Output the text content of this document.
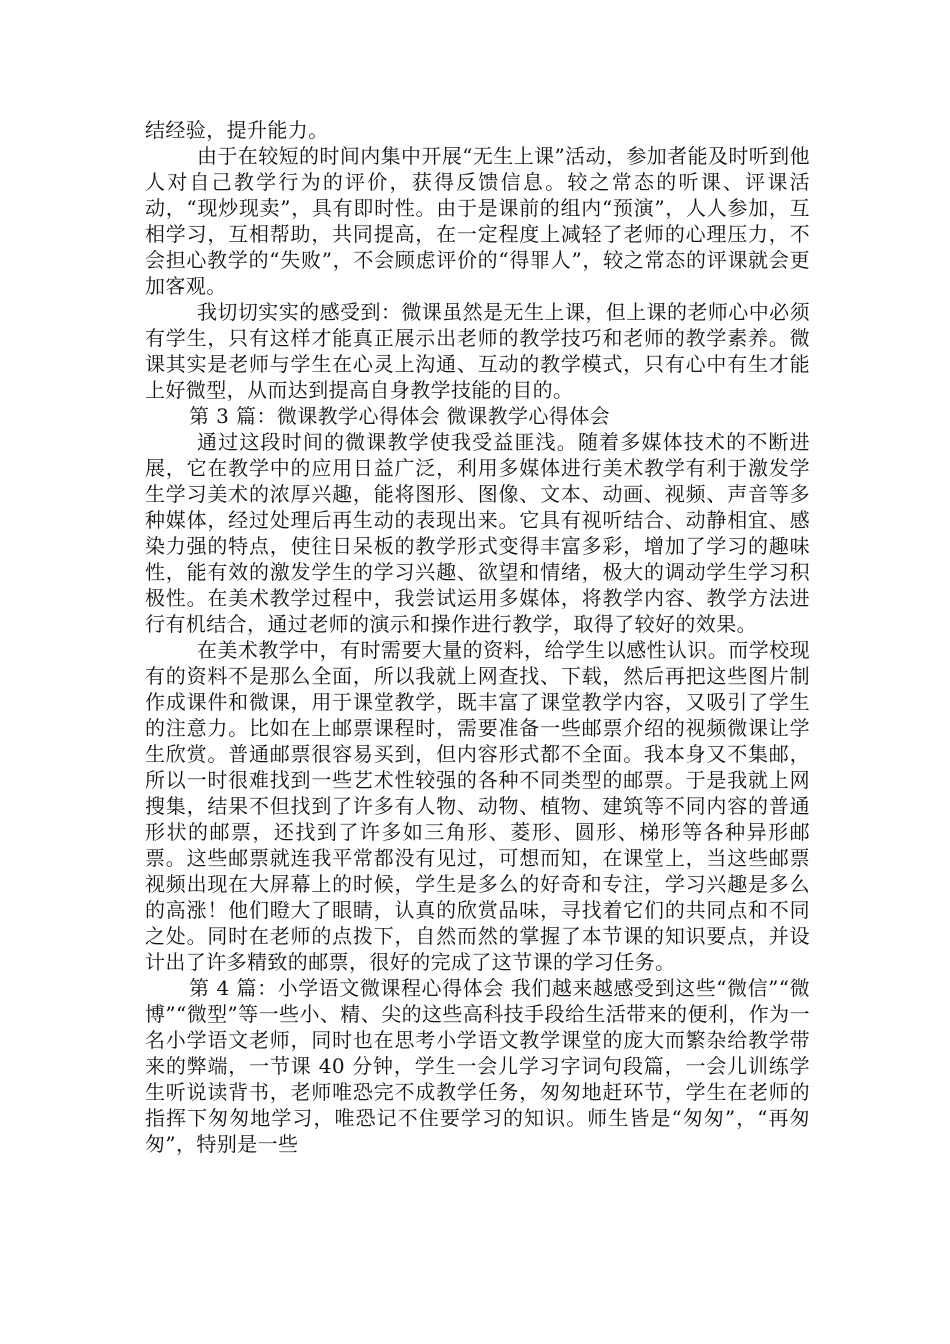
结经验，提升能力。

由于在较短的时间内集中开展“无生上课”活动，参加者能及时听到他人对自己教学行为的评价，获得反馈信息。较之常态的听课、评课活动，“现炒现卖”，具有即时性。由于是课前的组内“预演”，人人参加，互相学习，互相帮助，共同提高，在一定程度上减轻了老师的心理压力，不会担心教学的“失败”，不会顾虑评价的“得罪人”，较之常态的评课就会更加客观。

我切切实实的感受到：微课虽然是无生上课，但上课的老师心中必须有学生，只有这样才能真正展示出老师的教学技巧和老师的教学素养。微课其实是老师与学生在心灵上沟通、互动的教学模式，只有心中有生才能上好微型，从而达到提高自身教学技能的目的。

第 3 篇：微课教学心得体会 微课教学心得体会

通过这段时间的微课教学使我受益匪浅。随着多媒体技术的不断进展，它在教学中的应用日益广泛，利用多媒体进行美术教学有利于激发学生学习美术的浓厚兴趣，能将图形、图像、文本、动画、视频、声音等多种媒体，经过处理后再生动的表现出来。它具有视听结合、动静相宜、感染力强的特点，使往日呆板的教学形式变得丰富多彩，增加了学习的趣味性，能有效的激发学生的学习兴趣、欲望和情绪，极大的调动学生学习积极性。在美术教学过程中，我尝试运用多媒体，将教学内容、教学方法进行有机结合，通过老师的演示和操作进行教学，取得了较好的效果。

在美术教学中，有时需要大量的资料，给学生以感性认识。而学校现有的资料不是那么全面，所以我就上网查找、下载，然后再把这些图片制作成课件和微课，用于课堂教学，既丰富了课堂教学内容，又吸引了学生的注意力。比如在上邮票课程时，需要准备一些邮票介绍的视频微课让学生欣赏。普通邮票很容易买到，但内容形式都不全面。我本身又不集邮，所以一时很难找到一些艺术性较强的各种不同类型的邮票。于是我就上网搜集，结果不但找到了许多有人物、动物、植物、建筑等不同内容的普通形状的邮票，还找到了许多如三角形、菱形、圆形、梯形等各种异形邮票。这些邮票就连我平常都没有见过，可想而知，在课堂上，当这些邮票视频出现在大屏幕上的时候，学生是多么的好奇和专注，学习兴趣是多么的高涨！他们瞪大了眼睛，认真的欣赏品味，寻找着它们的共同点和不同之处。同时在老师的点拨下，自然而然的掌握了本节课的知识要点，并设计出了许多精致的邮票，很好的完成了这节课的学习任务。

第 4 篇：小学语文微课程心得体会 我们越来越感受到这些“微信”“微博”“微型”等一些小、精、尖的这些高科技手段给生活带来的便利，作为一名小学语文老师，同时也在思考小学语文教学课堂的庞大而繁杂给教学带来的弊端，一节课 40 分钟，学生一会儿学习字词句段篇，一会儿训练学生听说读背书，老师唯恐完不成教学任务，匆匆地赶环节，学生在老师的指挥下匆匆地学习，唯恐记不住要学习的知识。师生皆是“匆匆”，“再匆匆”，特别是一些
